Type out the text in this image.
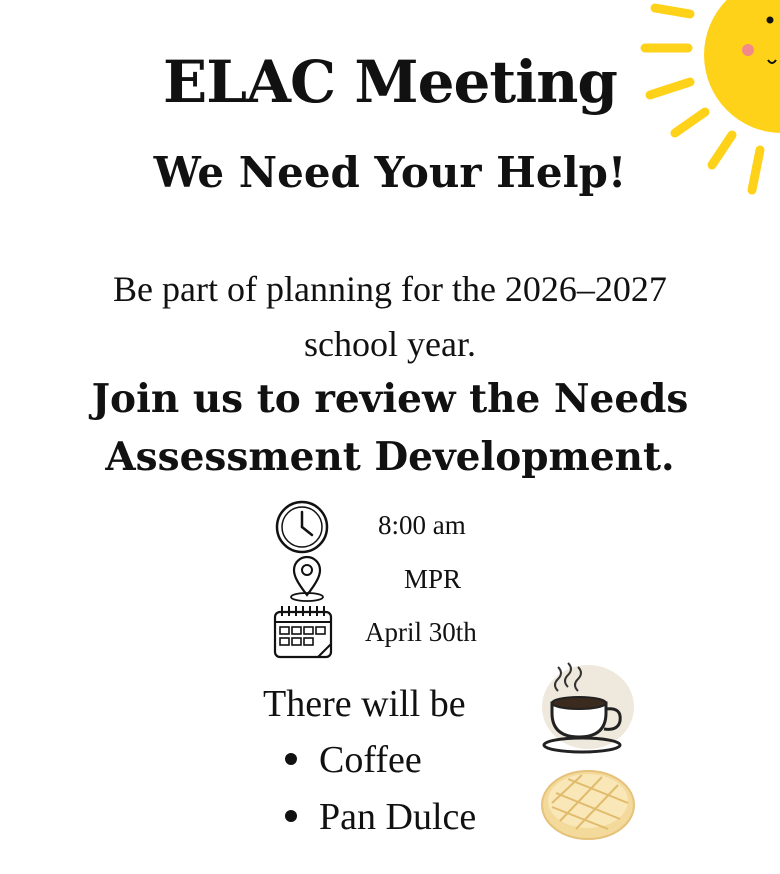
ELAC Meeting
We Need Your Help!
Be part of planning for the 2026–2027
school year.
Join us to review the Needs
Assessment Development.
8:00 am
MPR
April 30th
There will be
Coffee
Pan Dulce
